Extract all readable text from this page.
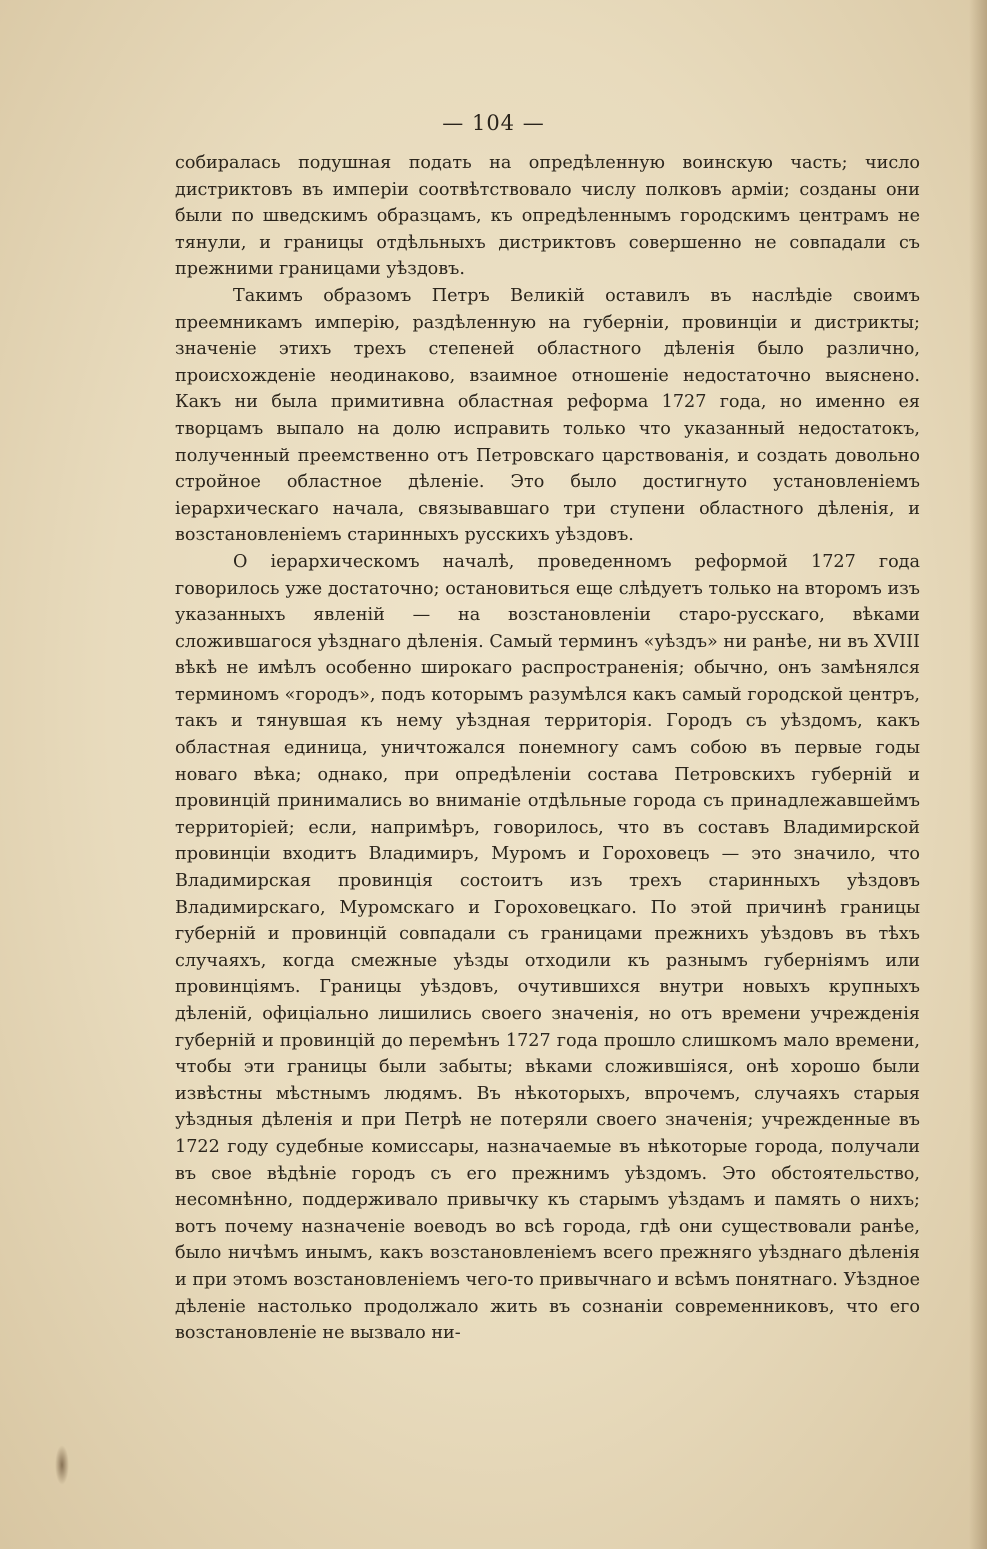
— 104 —

собиралась подушная подать на опредѣленную воинскую часть; число дистриктовъ въ имперіи соотвѣтствовало числу полковъ арміи; созданы они были по шведскимъ образцамъ, къ опредѣленнымъ городскимъ центрамъ не тянули, и границы отдѣльныхъ дистриктовъ совершенно не совпадали съ прежними границами уѣздовъ.

Такимъ образомъ Петръ Великій оставилъ въ наслѣдіе своимъ преемникамъ имперію, раздѣленную на губерніи, провинціи и дистрикты; значеніе этихъ трехъ степеней областного дѣленія было различно, происхожденіе неодинаково, взаимное отношеніе недостаточно выяснено. Какъ ни была примитивна областная реформа 1727 года, но именно ея творцамъ выпало на долю исправить только что указанный недостатокъ, полученный преемственно отъ Петровскаго царствованія, и создать довольно стройное областное дѣленіе. Это было достигнуто установленіемъ іерархическаго начала, связывавшаго три ступени областного дѣленія, и возстановленіемъ старинныхъ русскихъ уѣздовъ.

О іерархическомъ началѣ, проведенномъ реформой 1727 года говорилось уже достаточно; остановиться еще слѣдуетъ только на второмъ изъ указанныхъ явленій — на возстановленіи старо-русскаго, вѣками сложившагося уѣзднаго дѣленія. Самый терминъ «уѣздъ» ни ранѣе, ни въ XVIII вѣкѣ не имѣлъ особенно широкаго распространенія; обычно, онъ замѣнялся терминомъ «городъ», подъ которымъ разумѣлся какъ самый городской центръ, такъ и тянувшая къ нему уѣздная территорія. Городъ съ уѣздомъ, какъ областная единица, уничтожался понемногу самъ собою въ первые годы новаго вѣка; однако, при опредѣленіи состава Петровскихъ губерній и провинцій принимались во вниманіе отдѣльные города съ принадлежавшеймъ территоріей; если, напримѣръ, говорилось, что въ составъ Владимирской провинціи входитъ Владимиръ, Муромъ и Гороховецъ — это значило, что Владимирская провинція состоитъ изъ трехъ старинныхъ уѣздовъ Владимирскаго, Муромскаго и Гороховецкаго. По этой причинѣ границы губерній и провинцій совпадали съ границами прежнихъ уѣздовъ въ тѣхъ случаяхъ, когда смежные уѣзды отходили къ разнымъ губерніямъ или провинціямъ. Границы уѣздовъ, очутившихся внутри новыхъ крупныхъ дѣленій, офиціально лишились своего значенія, но отъ времени учрежденія губерній и провинцій до перемѣнъ 1727 года прошло слишкомъ мало времени, чтобы эти границы были забыты; вѣками сложившіяся, онѣ хорошо были извѣстны мѣстнымъ людямъ. Въ нѣкоторыхъ, впрочемъ, случаяхъ старыя уѣздныя дѣленія и при Петрѣ не потеряли своего значенія; учрежденные въ 1722 году судебные комиссары, назначаемые въ нѣкоторые города, получали въ свое вѣдѣніе городъ съ его прежнимъ уѣздомъ. Это обстоятельство, несомнѣнно, поддерживало привычку къ старымъ уѣздамъ и память о нихъ; вотъ почему назначеніе воеводъ во всѣ города, гдѣ они существовали ранѣе, было ничѣмъ инымъ, какъ возстановленіемъ всего прежняго уѣзднаго дѣленія и при этомъ возстановленіемъ чего-то привычнаго и всѣмъ понятнаго. Уѣздное дѣленіе настолько продолжало жить въ сознаніи современниковъ, что его возстановленіе не вызвало ни-
